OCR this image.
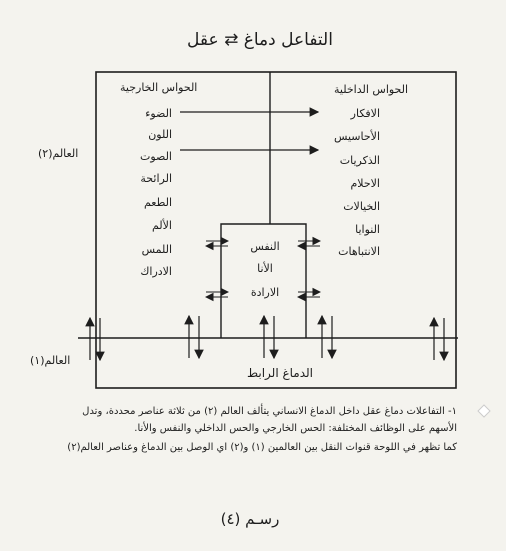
التفاعل دماغ ⇄ عقل
الحواس الخارجية	الحواس الداخلية
الضوء
اللون
الصوت
الرائحة
الطعم
الألم
اللمس
الادراك
الافكار
الأحاسيس
الذكريات
الاحلام
الخيالات
النوايا
الانتباهات
النفس
الأنا
الارادة
العالم(٢)
العالم(١)
الدماغ الرابط

١- التفاعلات دماغ عقل داخل الدماغ الانساني يتألف العالم (٢) من ثلاثة عناصر محددة، وتدل الأسهم على الوظائف المختلفة: الحس الخارجي والحس الداخلي والنفس والأنا.

كما تظهر في اللوحة قنوات النقل بين العالمين (١) و(٢) اي الوصل بين الدماغ وعناصر العالم(٢)

رسـم (٤)
